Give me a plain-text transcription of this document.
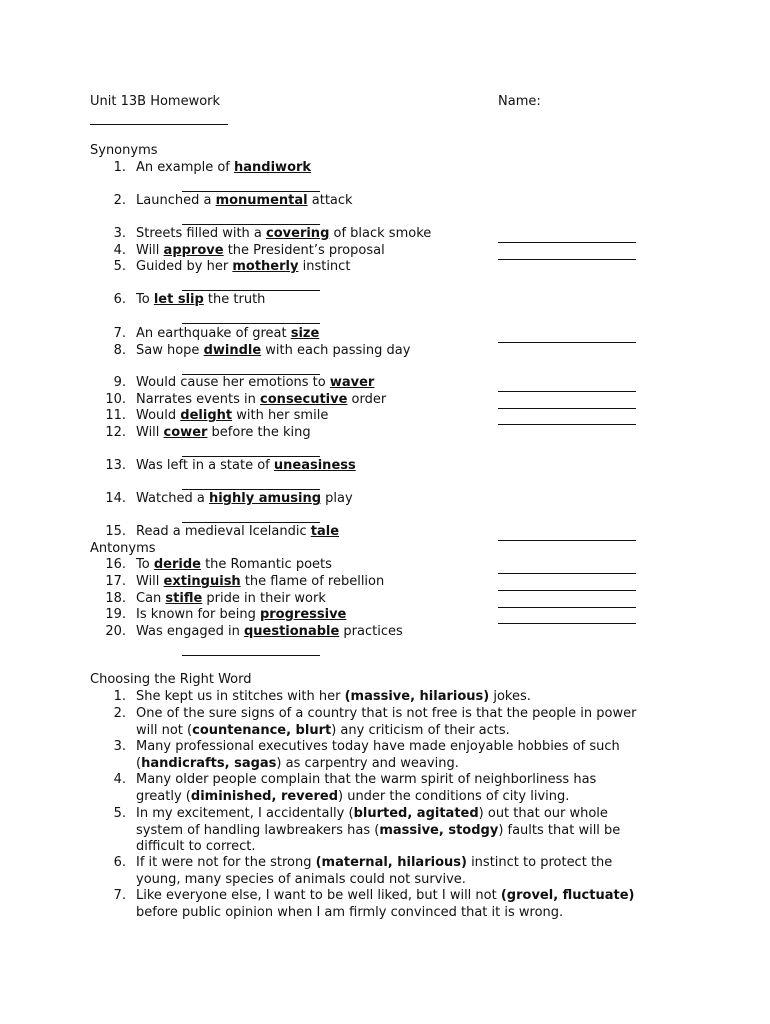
Unit 13B Homework	Name:
Synonyms
1. An example of handiwork
2. Launched a monumental attack
3. Streets filled with a covering of black smoke
4. Will approve the President’s proposal
5. Guided by her motherly instinct
6. To let slip the truth
7. An earthquake of great size
8. Saw hope dwindle with each passing day
9. Would cause her emotions to waver
10. Narrates events in consecutive order
11. Would delight with her smile
12. Will cower before the king
13. Was left in a state of uneasiness
14. Watched a highly amusing play
15. Read a medieval Icelandic tale
Antonyms
16. To deride the Romantic poets
17. Will extinguish the flame of rebellion
18. Can stifle pride in their work
19. Is known for being progressive
20. Was engaged in questionable practices
Choosing the Right Word
1. She kept us in stitches with her (massive, hilarious) jokes.
2. One of the sure signs of a country that is not free is that the people in power
will not (countenance, blurt) any criticism of their acts.
3. Many professional executives today have made enjoyable hobbies of such
(handicrafts, sagas) as carpentry and weaving.
4. Many older people complain that the warm spirit of neighborliness has
greatly (diminished, revered) under the conditions of city living.
5. In my excitement, I accidentally (blurted, agitated) out that our whole
system of handling lawbreakers has (massive, stodgy) faults that will be
difficult to correct.
6. If it were not for the strong (maternal, hilarious) instinct to protect the
young, many species of animals could not survive.
7. Like everyone else, I want to be well liked, but I will not (grovel, fluctuate)
before public opinion when I am firmly convinced that it is wrong.
